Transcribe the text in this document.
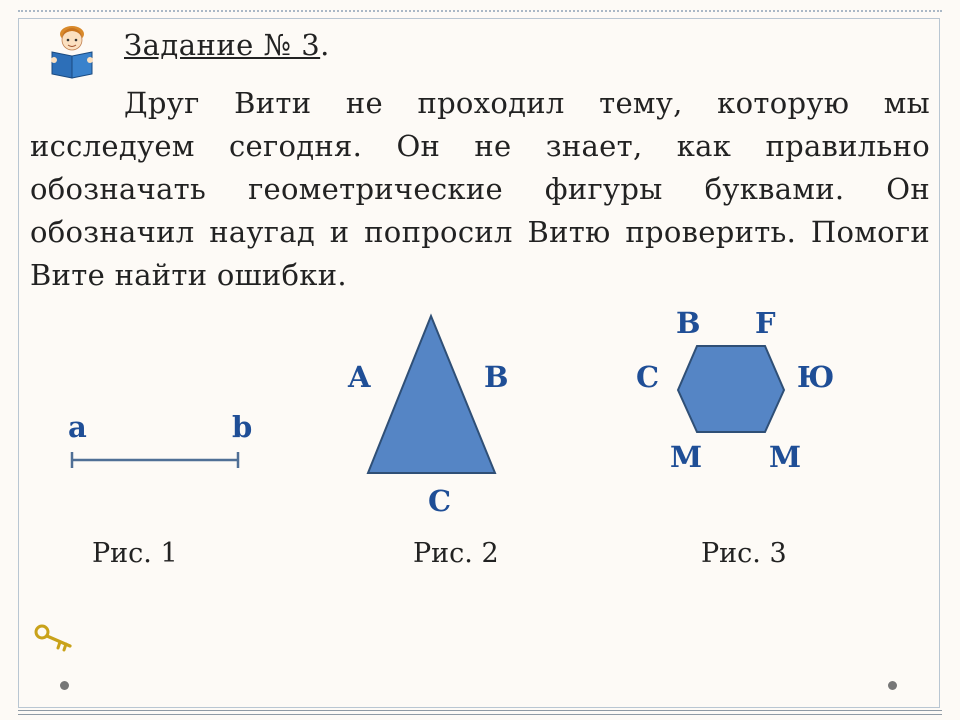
Задание № 3.
Друг Вити не проходил тему, которую мы исследуем сегодня. Он не знает, как правильно обозначать геометрические фигуры буквами. Он обозначил наугад и попросил Витю проверить. Помоги Вите найти ошибки.
a	b
A	B
C
B F
C	Ю
M M
Рис. 1	Рис. 2	Рис. 3
